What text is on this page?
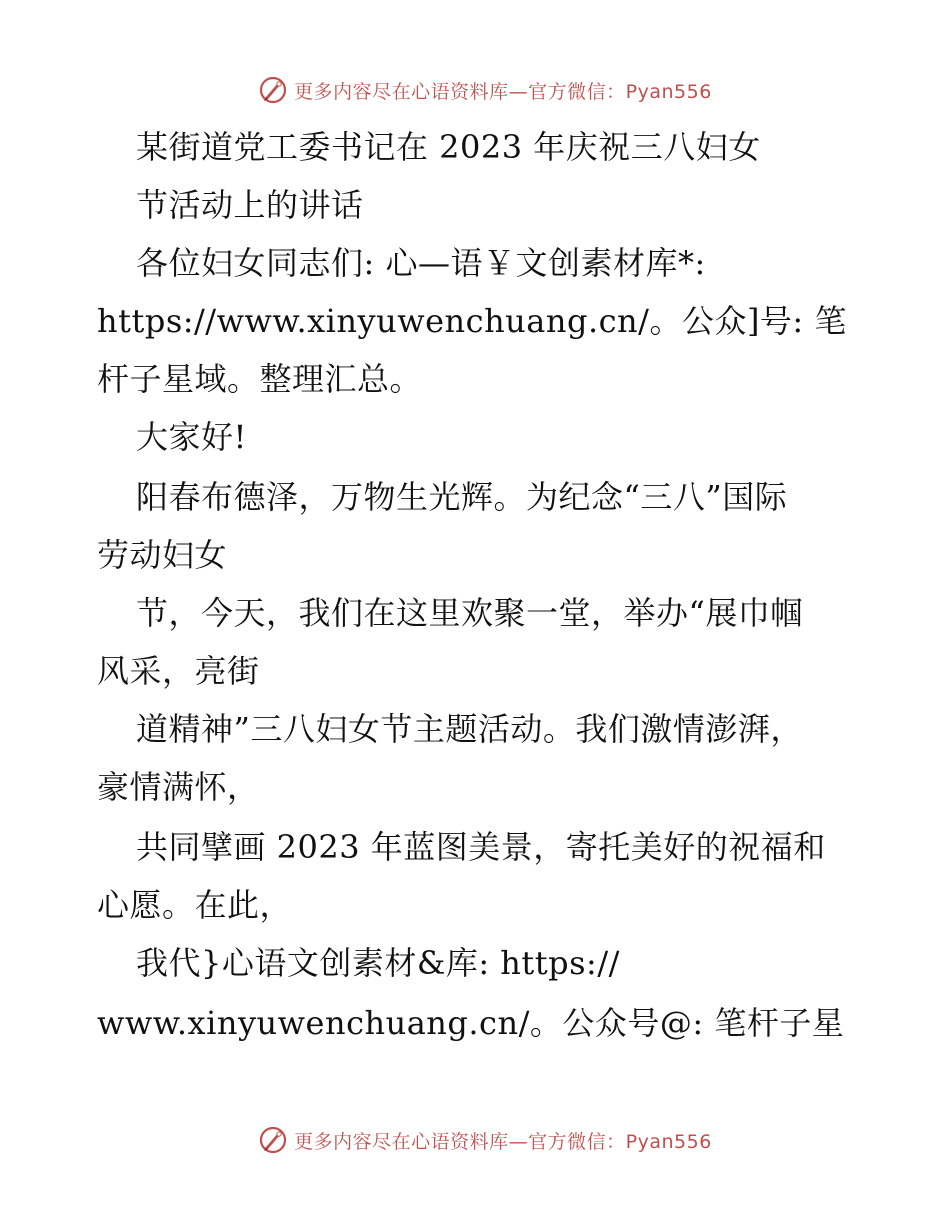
更多内容尽在心语资料库—官方微信：Pyan556
某街道党工委书记在 2023 年庆祝三八妇女
节活动上的讲话
各位妇女同志们: 心—语￥文创素材库*:
https://www.xinyuwenchuang.cn/。公众]号: 笔
杆子星域。整理汇总。
大家好!
阳春布德泽，万物生光辉。为纪念“三八”国际
劳动妇女
节，今天，我们在这里欢聚一堂，举办“展巾帼
风采，亮街
道精神”三八妇女节主题活动。我们激情澎湃，
豪情满怀，
共同擘画 2023 年蓝图美景，寄托美好的祝福和
心愿。在此，
我代}心语文创素材&库: https://
www.xinyuwenchuang.cn/。公众号@: 笔杆子星
更多内容尽在心语资料库—官方微信：Pyan556
